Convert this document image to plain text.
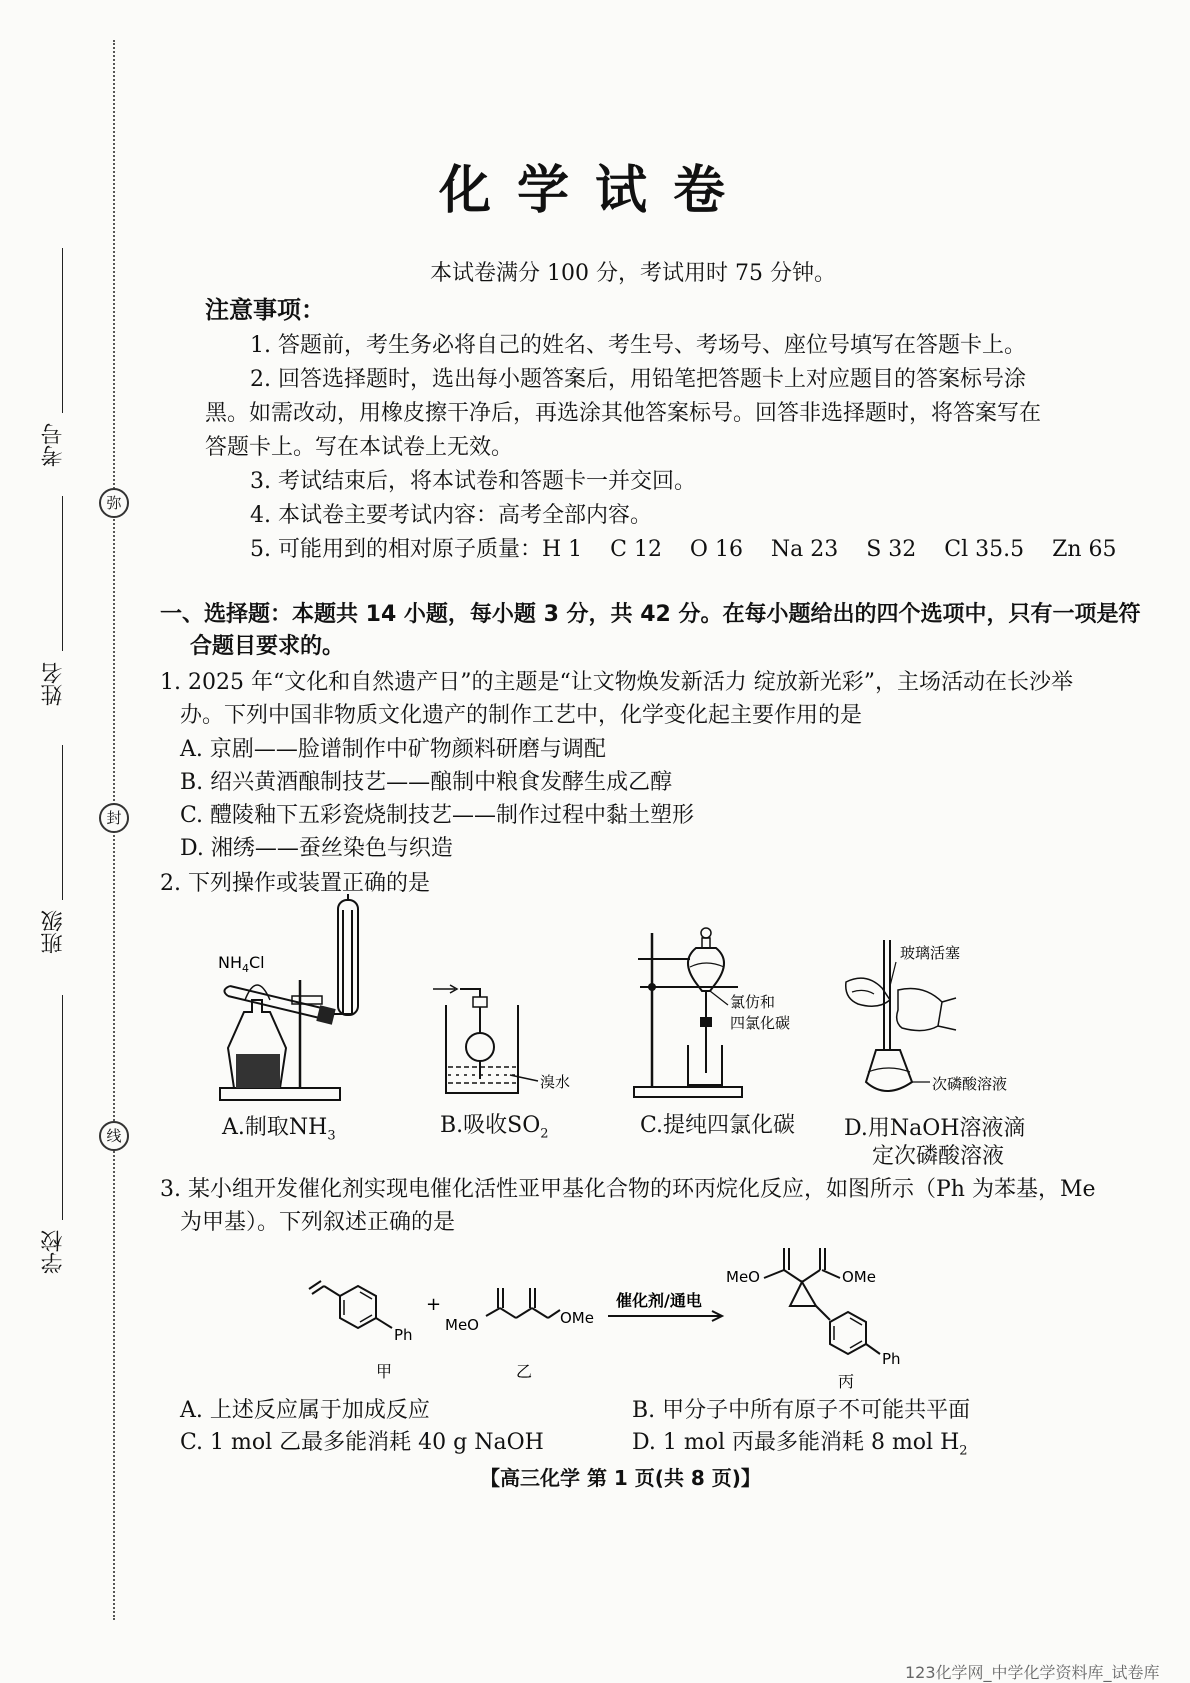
弥
封
线
考号
姓名
班级
学校
化学试卷
本试卷满分 100 分，考试用时 75 分钟。
注意事项：
1. 答题前，考生务必将自己的姓名、考生号、考场号、座位号填写在答题卡上。
2. 回答选择题时，选出每小题答案后，用铅笔把答题卡上对应题目的答案标号涂
黑。如需改动，用橡皮擦干净后，再选涂其他答案标号。回答非选择题时，将答案写在
答题卡上。写在本试卷上无效。
3. 考试结束后，将本试卷和答题卡一并交回。
4. 本试卷主要考试内容：高考全部内容。
5. 可能用到的相对原子质量：H 1    C 12    O 16    Na 23    S 32    Cl 35.5    Zn 65
一、选择题：本题共 14 小题，每小题 3 分，共 42 分。在每小题给出的四个选项中，只有一项是符
合题目要求的。
1. 2025 年“文化和自然遗产日”的主题是“让文物焕发新活力 绽放新光彩”，主场活动在长沙举
办。下列中国非物质文化遗产的制作工艺中，化学变化起主要作用的是
A. 京剧——脸谱制作中矿物颜料研磨与调配
B. 绍兴黄酒酿制技艺——酿制中粮食发酵生成乙醇
C. 醴陵釉下五彩瓷烧制技艺——制作过程中黏土塑形
D. 湘绣——蚕丝染色与织造
2. 下列操作或装置正确的是
$NH_4Cl$
A.制取$NH_3$
溴水
B.吸收$SO_2$
氯仿和
四氯化碳
C.提纯四氯化碳
玻璃活塞
次磷酸溶液
D.用NaOH溶液滴
定次磷酸溶液
3. 某小组开发催化剂实现电催化活性亚甲基化合物的环丙烷化反应，如图所示（Ph 为苯基，Me
为甲基）。下列叙述正确的是
Ph
甲
+
MeO	OMe
乙
催化剂/通电
MeO	OMe
Ph
丙
A. 上述反应属于加成反应	B. 甲分子中所有原子不可能共平面
C. 1 mol 乙最多能消耗 40 g NaOH	D. 1 mol 丙最多能消耗 8 mol $H_2$
【高三化学 第 1 页(共 8 页)】
123化学网_中学化学资料库_试卷库
